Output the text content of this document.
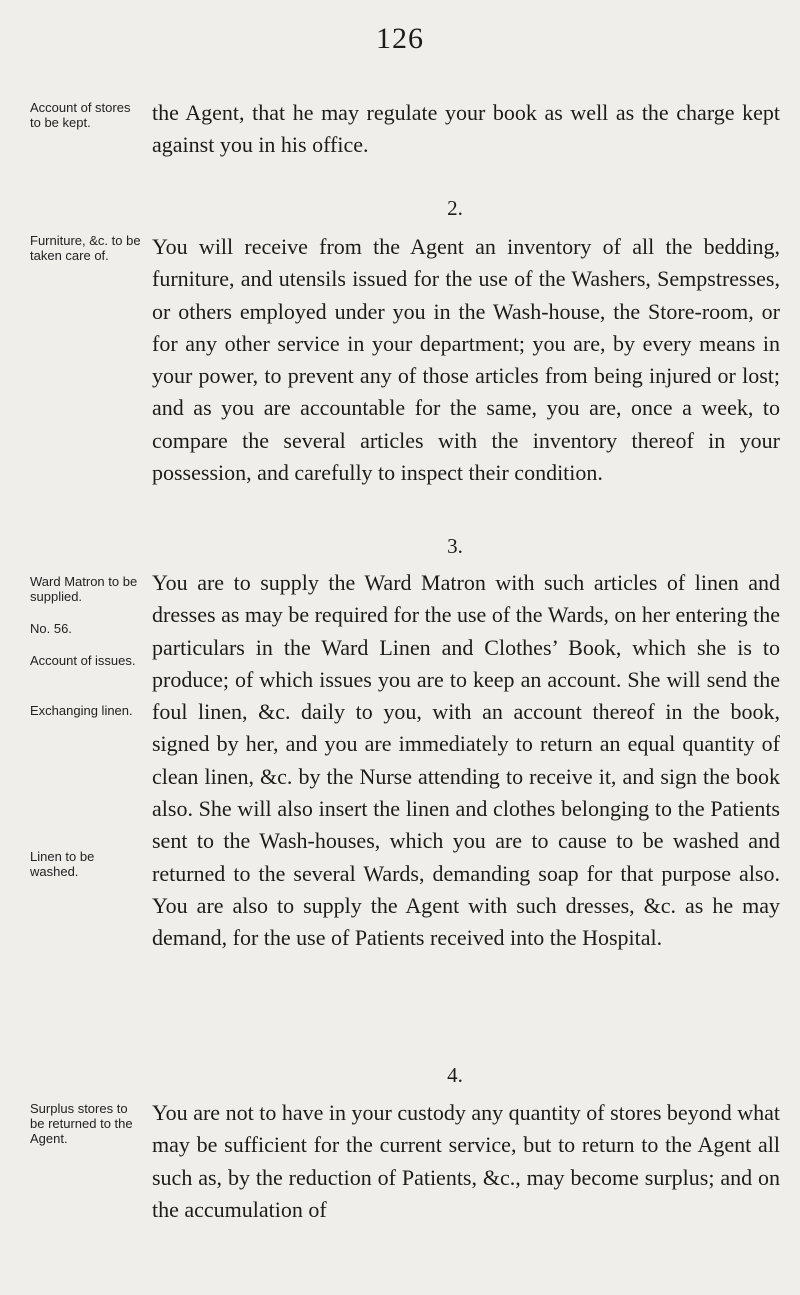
126
Account of stores to be kept.
Furniture, &c. to be taken care of.
Ward Matron to be supplied.
No. 56.
Account of issues.
Exchanging linen.
Linen to be washed.
Surplus stores to be returned to the Agent.

the Agent, that he may regulate your book as well as the charge kept against you in his office.

2.

You will receive from the Agent an inventory of all the bedding, furniture, and utensils issued for the use of the Washers, Sempstresses, or others employed under you in the Wash-house, the Store-room, or for any other service in your department; you are, by every means in your power, to prevent any of those articles from being injured or lost; and as you are accountable for the same, you are, once a week, to compare the several articles with the inventory thereof in your possession, and carefully to inspect their condition.

3.

You are to supply the Ward Matron with such articles of linen and dresses as may be required for the use of the Wards, on her entering the particulars in the Ward Linen and Clothes’ Book, which she is to produce; of which issues you are to keep an account. She will send the foul linen, &c. daily to you, with an account thereof in the book, signed by her, and you are immediately to return an equal quantity of clean linen, &c. by the Nurse attending to receive it, and sign the book also. She will also insert the linen and clothes belonging to the Patients sent to the Wash-houses, which you are to cause to be washed and returned to the several Wards, demanding soap for that purpose also. You are also to supply the Agent with such dresses, &c. as he may demand, for the use of Patients received into the Hospital.

4.

You are not to have in your custody any quantity of stores beyond what may be sufficient for the current service, but to return to the Agent all such as, by the reduction of Patients, &c., may become surplus; and on the accumulation of
